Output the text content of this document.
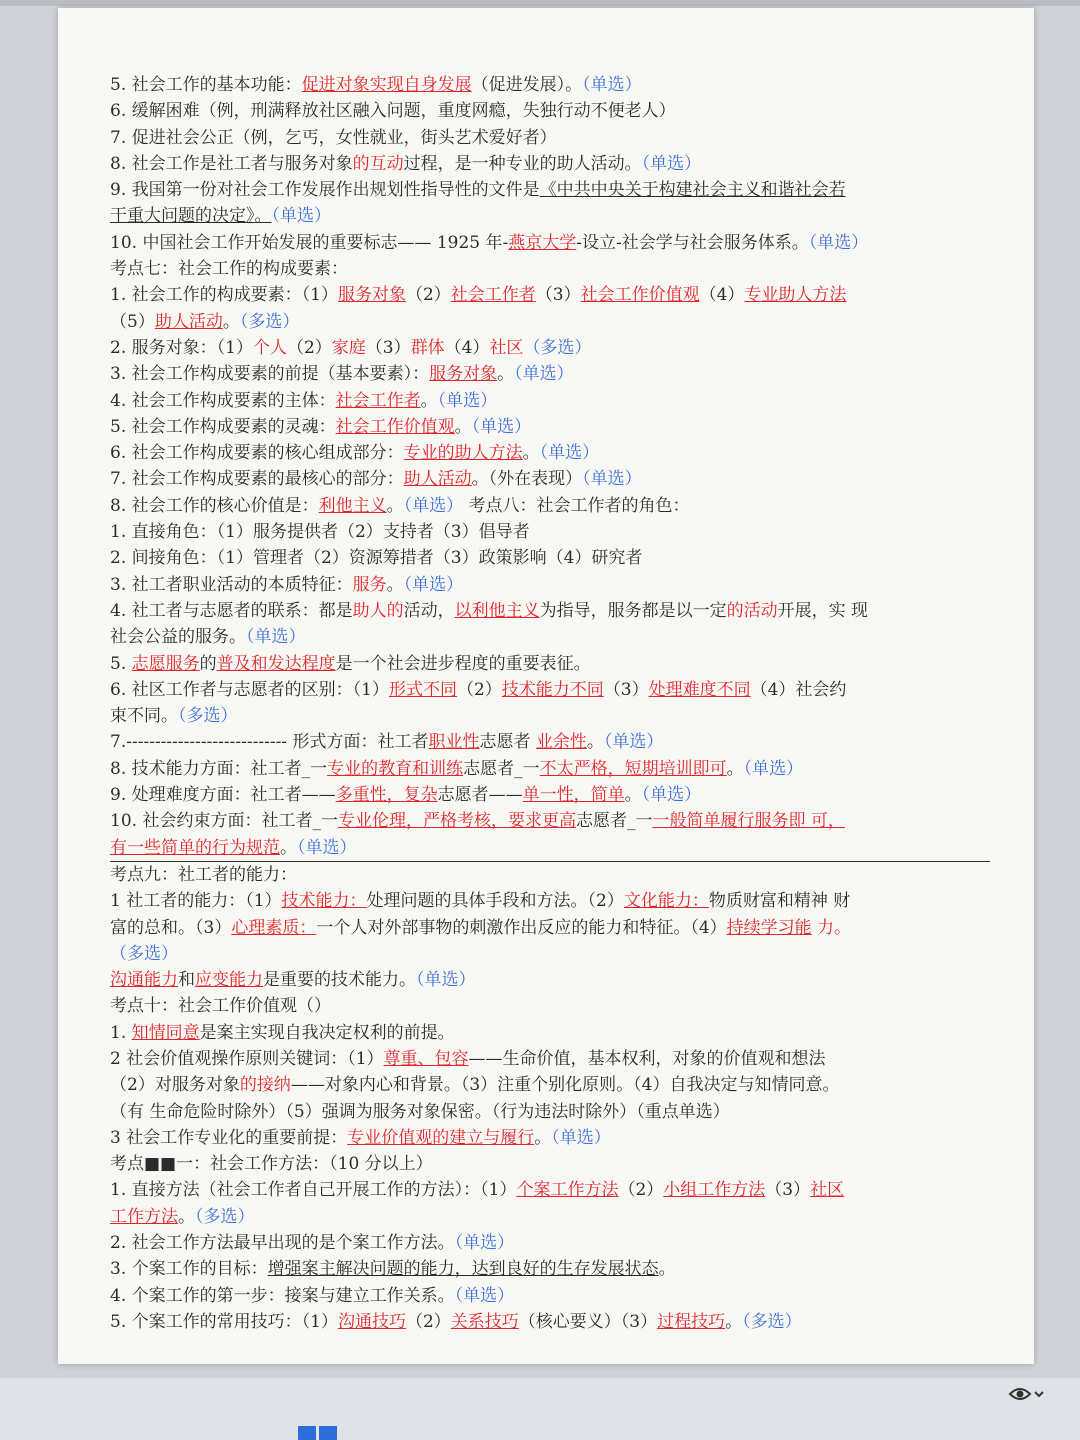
5. 社会工作的基本功能：促进对象实现自身发展（促进发展）。（单选）
6. 缓解困难（例，刑满释放社区融入问题，重度网瘾，失独行动不便老人）
7. 促进社会公正（例，乞丐，女性就业，街头艺术爱好者）
8. 社会工作是社工者与服务对象的互动过程，是一种专业的助人活动。（单选）
9. 我国第一份对社会工作发展作出规划性指导性的文件是《中共中央关于构建社会主义和谐社会若
干重大问题的决定》。（单选）
10. 中国社会工作开始发展的重要标志—— 1925 年-燕京大学-设立-社会学与社会服务体系。（单选）
考点七：社会工作的构成要素：
1. 社会工作的构成要素：（1）服务对象（2）社会工作者（3）社会工作价值观（4）专业助人方法
（5）助人活动。（多选）
2. 服务对象：（1）个人（2）家庭（3）群体（4）社区（多选）
3. 社会工作构成要素的前提（基本要素）：服务对象。（单选）
4. 社会工作构成要素的主体：社会工作者。（单选）
5. 社会工作构成要素的灵魂：社会工作价值观。（单选）
6. 社会工作构成要素的核心组成部分：专业的助人方法。（单选）
7. 社会工作构成要素的最核心的部分：助人活动。（外在表现）（单选）
8. 社会工作的核心价值是：利他主义。（单选） 考点八：社会工作者的角色：
1. 直接角色：（1）服务提供者（2）支持者（3）倡导者
2. 间接角色：（1）管理者（2）资源筹措者（3）政策影响（4）研究者
3. 社工者职业活动的本质特征：服务。（单选）
4. 社工者与志愿者的联系：都是助人的活动，以利他主义为指导，服务都是以一定的活动开展，实 现
社会公益的服务。（单选）
5. 志愿服务的普及和发达程度是一个社会进步程度的重要表征。
6. 社区工作者与志愿者的区别：（1）形式不同（2）技术能力不同（3）处理难度不同（4）社会约
束不同。（多选）
7.---------------------------- 形式方面：社工者职业性志愿者 业余性。（单选）
8. 技术能力方面：社工者_一专业的教育和训练志愿者_一不太严格，短期培训即可。（单选）
9. 处理难度方面：社工者——多重性，复杂志愿者——单一性，简单。（单选）
10. 社会约束方面：社工者_一专业伦理，严格考核，要求更高志愿者_一一般简单履行服务即 可，
有一些简单的行为规范。（单选）
考点九：社工者的能力：
1 社工者的能力：（1）技术能力：处理问题的具体手段和方法。（2）文化能力：物质财富和精神 财
富的总和。（3）心理素质：一个人对外部事物的刺激作出反应的能力和特征。（4）持续学习能 力。
（多选）
沟通能力和应变能力是重要的技术能力。（单选）
考点十：社会工作价值观（）
1. 知情同意是案主实现自我决定权利的前提。
2 社会价值观操作原则关键词：（1）尊重、包容——生命价值，基本权利，对象的价值观和想法
（2）对服务对象的接纳——对象内心和背景。（3）注重个别化原则。（4）自我决定与知情同意。
（有 生命危险时除外）（5）强调为服务对象保密。（行为违法时除外）（重点单选）
3 社会工作专业化的重要前提：专业价值观的建立与履行。（单选）
考点■■一：社会工作方法：（10 分以上）
1. 直接方法（社会工作者自己开展工作的方法）：（1）个案工作方法（2）小组工作方法（3）社区
工作方法。（多选）
2. 社会工作方法最早出现的是个案工作方法。（单选）
3. 个案工作的目标：增强案主解决问题的能力，达到良好的生存发展状态。
4. 个案工作的第一步：接案与建立工作关系。（单选）
5. 个案工作的常用技巧：（1）沟通技巧（2）关系技巧（核心要义）（3）过程技巧。（多选）
